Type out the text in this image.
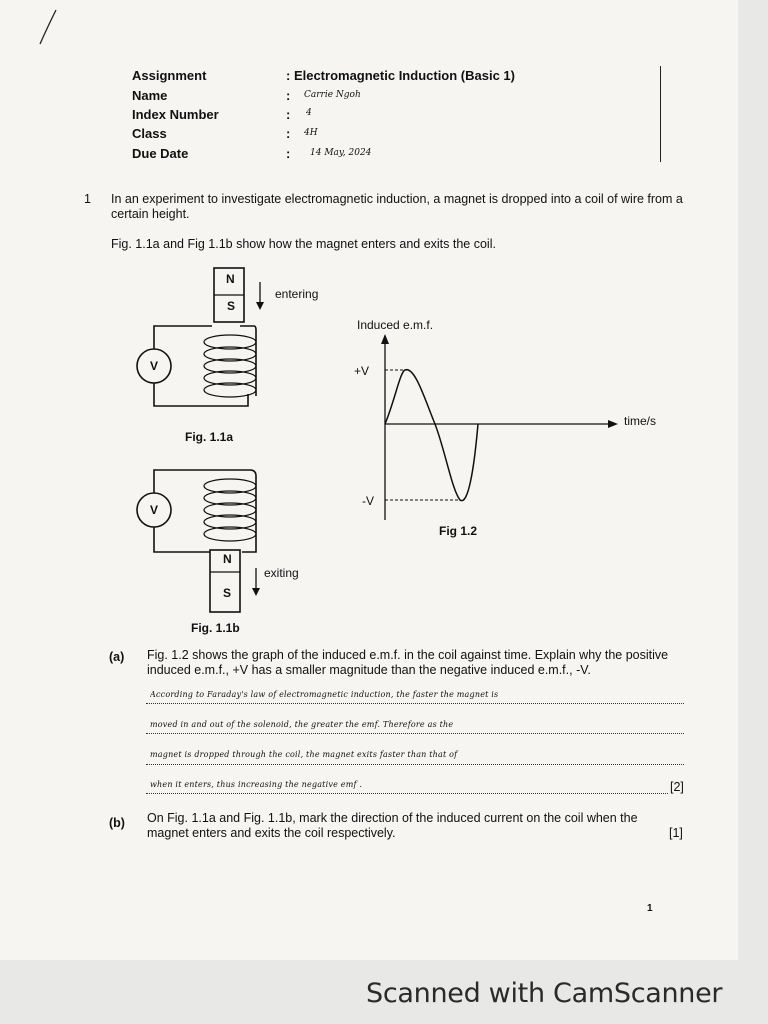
Assignment	: Electromagnetic Induction (Basic 1)
Name	: Carrie Ngoh
Index Number	: 4
Class	: 4H
Due Date	: 14 May, 2024
1 In an experiment to investigate electromagnetic induction, a magnet is dropped into a coil of wire from a certain height.
Fig. 1.1a and Fig 1.1b show how the magnet enters and exits the coil.
N
S
V
entering
Fig. 1.1a
V
N
S
exiting
Fig. 1.1b
Induced e.m.f.
time/s
+V
-V
Fig 1.2
(a) Fig. 1.2 shows the graph of the induced e.m.f. in the coil against time. Explain why the positive induced e.m.f., +V has a smaller magnitude than the negative induced e.m.f., -V.
According to Faraday's law of electromagnetic induction, the faster the magnet is
moved in and out of the solenoid, the greater the emf. Therefore as the
magnet is dropped through the coil, the magnet exits faster than that of
when it enters, thus increasing the negative emf .	[2]
(b) On Fig. 1.1a and Fig. 1.1b, mark the direction of the induced current on the coil when the magnet enters and exits the coil respectively.	[1]
1
Scanned with CamScanner
